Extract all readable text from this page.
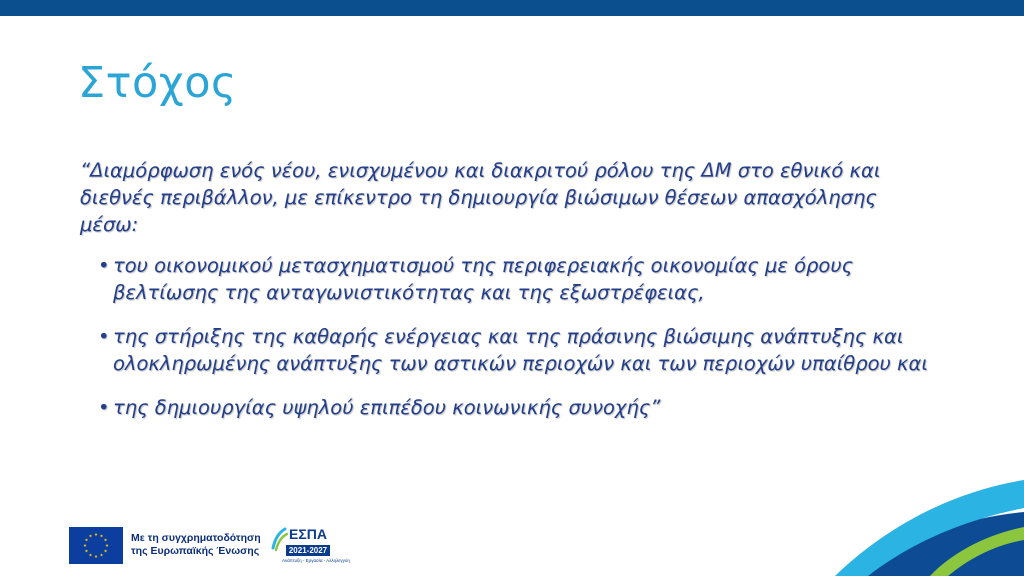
Στόχος

“Διαμόρφωση ενός νέου, ενισχυμένου και διακριτού ρόλου της ΔΜ στο εθνικό και διεθνές περιβάλλον, με επίκεντρο τη δημιουργία βιώσιμων θέσεων απασχόλησης μέσω:

• του οικονομικού μετασχηματισμού της περιφερειακής οικονομίας με όρους βελτίωσης της ανταγωνιστικότητας και της εξωστρέφειας,
• της στήριξης της καθαρής ενέργειας και της πράσινης βιώσιμης ανάπτυξης και ολοκληρωμένης ανάπτυξης των αστικών περιοχών και των περιοχών υπαίθρου και
• της δημιουργίας υψηλού επιπέδου κοινωνικής συνοχής”
Με τη συγχρηματοδότηση
της Ευρωπαϊκής Ένωσης
ΕΣΠΑ
2021-2027
Ανάπτυξη - Εργασία - Αλληλεγγύη
